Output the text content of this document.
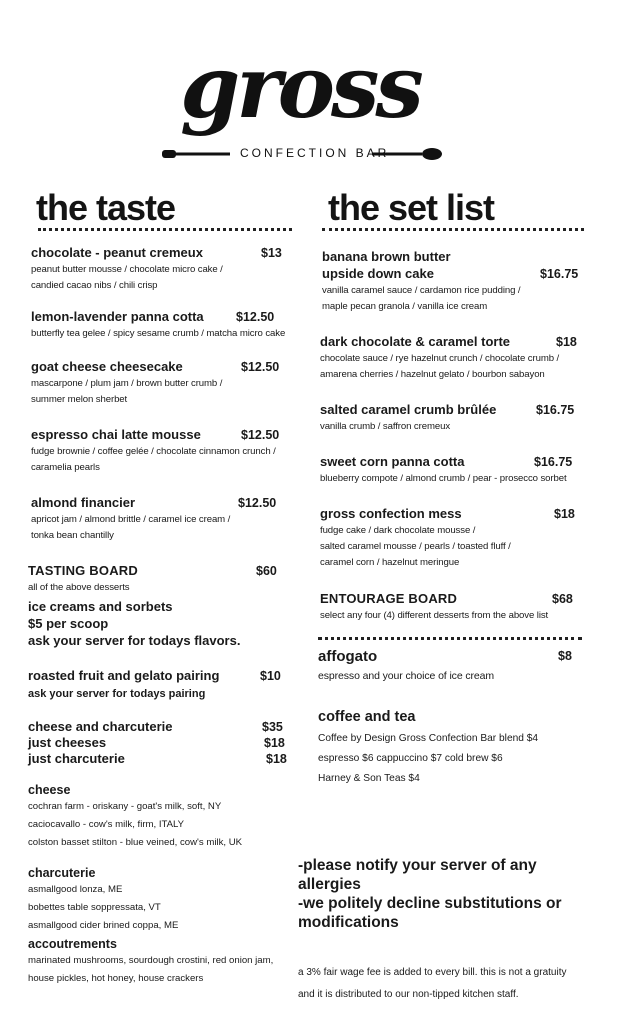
gross
CONFECTION BAR
the taste
chocolate - peanut cremeux	$13
peanut butter mousse / chocolate micro cake /
candied cacao nibs / chili crisp
lemon-lavender panna cotta	$12.50
butterfly tea gelee / spicy sesame crumb / matcha micro cake
goat cheese cheesecake	$12.50
mascarpone / plum jam / brown butter crumb /
summer melon sherbet
espresso chai latte mousse	$12.50
fudge brownie / coffee gelée / chocolate cinnamon crunch /
caramelia pearls
almond financier	$12.50
apricot jam / almond brittle / caramel ice cream /
tonka bean chantilly
TASTING BOARD	$60
all of the above desserts
ice creams and sorbets
$5 per scoop
ask your server for todays flavors.
roasted fruit and gelato pairing	$10
ask your server for todays pairing
cheese and charcuterie	$35
just cheeses	$18
just charcuterie	$18
cheese
cochran farm - oriskany - goat's milk, soft, NY
caciocavallo - cow's milk, firm, ITALY
colston basset stilton - blue veined, cow's milk, UK
charcuterie
asmallgood lonza, ME
bobettes table soppressata, VT
asmallgood cider brined coppa, ME
accoutrements
marinated mushrooms, sourdough crostini, red onion jam,
house pickles, hot honey, house crackers
the set list
banana brown butter
upside down cake	$16.75
vanilla caramel sauce / cardamon rice pudding /
maple pecan granola / vanilla ice cream
dark chocolate & caramel torte	$18
chocolate sauce / rye hazelnut crunch / chocolate crumb /
amarena cherries / hazelnut gelato / bourbon sabayon
salted caramel crumb brûlée	$16.75
vanilla crumb / saffron cremeux
sweet corn panna cotta	$16.75
blueberry compote / almond crumb / pear - prosecco sorbet
gross confection mess	$18
fudge cake / dark chocolate mousse /
salted caramel mousse / pearls / toasted fluff /
caramel corn / hazelnut meringue
ENTOURAGE BOARD	$68
select any four (4) different desserts from the above list
affogato	$8
espresso and your choice of ice cream
coffee and tea
Coffee by Design Gross Confection Bar blend $4
espresso $6 cappuccino $7 cold brew $6
Harney & Son Teas $4
-please notify your server of any
allergies
-we politely decline substitutions or
modifications
a 3% fair wage fee is added to every bill. this is not a gratuity
and it is distributed to our non-tipped kitchen staff.
